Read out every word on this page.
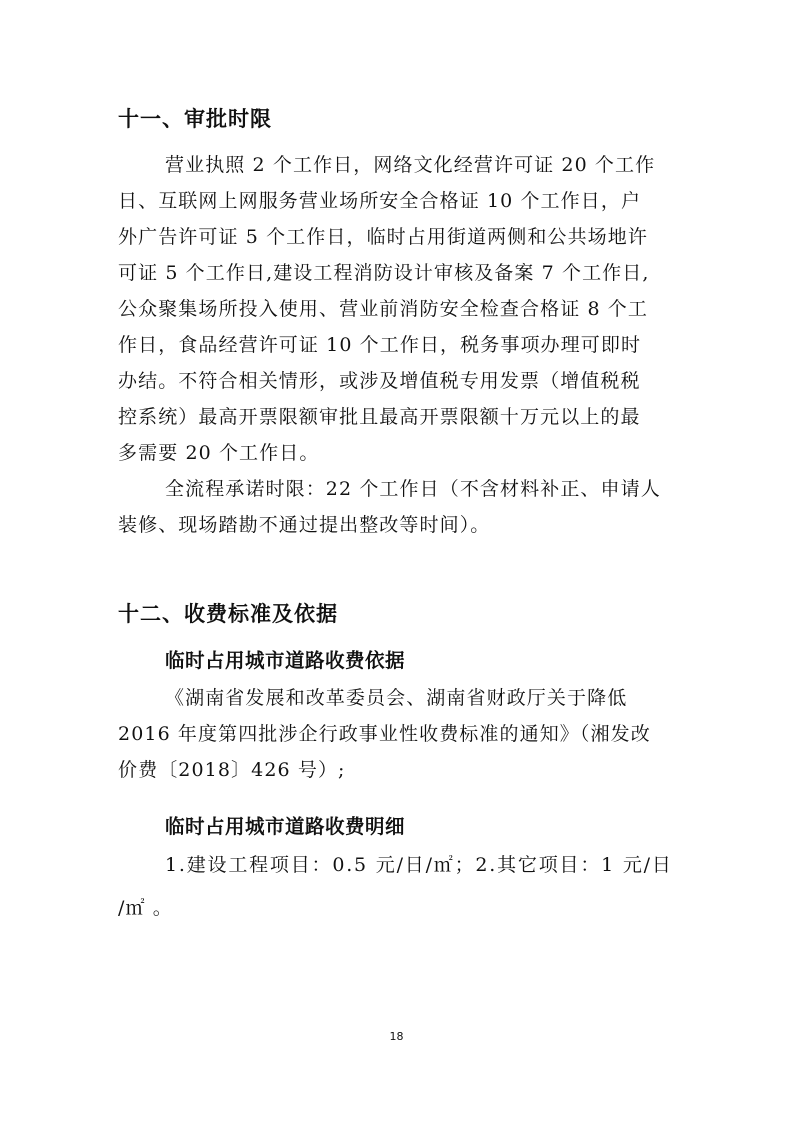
十一、审批时限
营业执照 2 个工作日，网络文化经营许可证 20 个工作
日、互联网上网服务营业场所安全合格证 10 个工作日，户
外广告许可证 5 个工作日，临时占用街道两侧和公共场地许
可证 5 个工作日,建设工程消防设计审核及备案 7 个工作日,
公众聚集场所投入使用、营业前消防安全检查合格证 8 个工
作日，食品经营许可证 10 个工作日，税务事项办理可即时
办结。不符合相关情形，或涉及增值税专用发票（增值税税
控系统）最高开票限额审批且最高开票限额十万元以上的最
多需要 20 个工作日。
全流程承诺时限：22 个工作日（不含材料补正、申请人
装修、现场踏勘不通过提出整改等时间）。
十二、收费标准及依据
临时占用城市道路收费依据
《湖南省发展和改革委员会、湖南省财政厅关于降低
2016 年度第四批涉企行政事业性收费标准的通知》（湘发改
价费〔2018〕426 号）;
临时占用城市道路收费明细
1.建设工程项目：0.5 元/日/㎡；2.其它项目：1 元/日
/㎡ 。
18
